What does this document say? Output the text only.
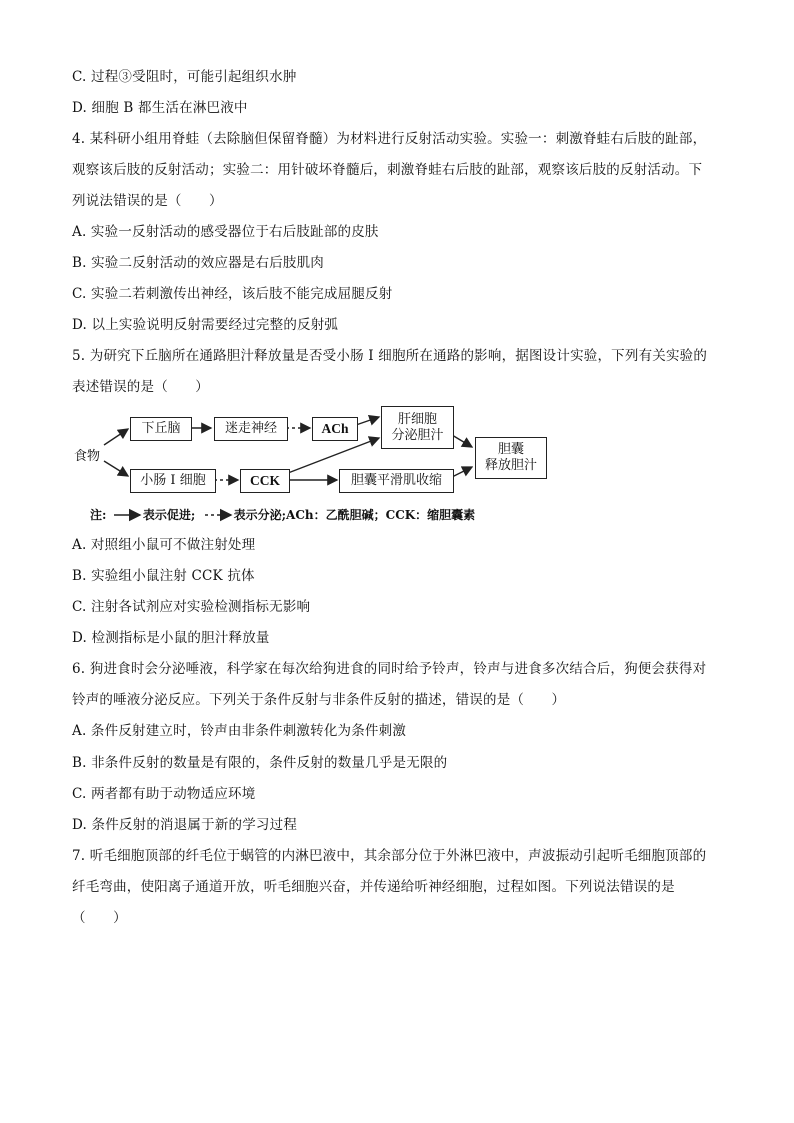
C. 过程③受阻时，可能引起组织水肿
D. 细胞 B 都生活在淋巴液中
4. 某科研小组用脊蛙（去除脑但保留脊髓）为材料进行反射活动实验。实验一：刺激脊蛙右后肢的趾部，
观察该后肢的反射活动；实验二：用针破坏脊髓后，刺激脊蛙右后肢的趾部，观察该后肢的反射活动。下
列说法错误的是（　　）
A. 实验一反射活动的感受器位于右后肢趾部的皮肤
B. 实验二反射活动的效应器是右后肢肌肉
C. 实验二若刺激传出神经，该后肢不能完成屈腿反射
D. 以上实验说明反射需要经过完整的反射弧
5. 为研究下丘脑所在通路胆汁释放量是否受小肠 I 细胞所在通路的影响，据图设计实验，下列有关实验的
表述错误的是（　　）
食物
下丘脑	迷走神经	ACh
肝细胞
分泌胆汁
小肠 I 细胞	CCK	胆囊平滑肌收缩
胆囊
释放胆汁
注:	表示促进;	表示分泌;ACh：乙酰胆碱；CCK：缩胆囊素
A. 对照组小鼠可不做注射处理
B. 实验组小鼠注射 CCK 抗体
C. 注射各试剂应对实验检测指标无影响
D. 检测指标是小鼠的胆汁释放量
6. 狗进食时会分泌唾液，科学家在每次给狗进食的同时给予铃声，铃声与进食多次结合后，狗便会获得对
铃声的唾液分泌反应。下列关于条件反射与非条件反射的描述，错误的是（　　）
A. 条件反射建立时，铃声由非条件刺激转化为条件刺激
B. 非条件反射的数量是有限的，条件反射的数量几乎是无限的
C. 两者都有助于动物适应环境
D. 条件反射的消退属于新的学习过程
7. 听毛细胞顶部的纤毛位于蜗管的内淋巴液中，其余部分位于外淋巴液中，声波振动引起听毛细胞顶部的
纤毛弯曲，使阳离子通道开放，听毛细胞兴奋，并传递给听神经细胞，过程如图。下列说法错误的是
（　　）
